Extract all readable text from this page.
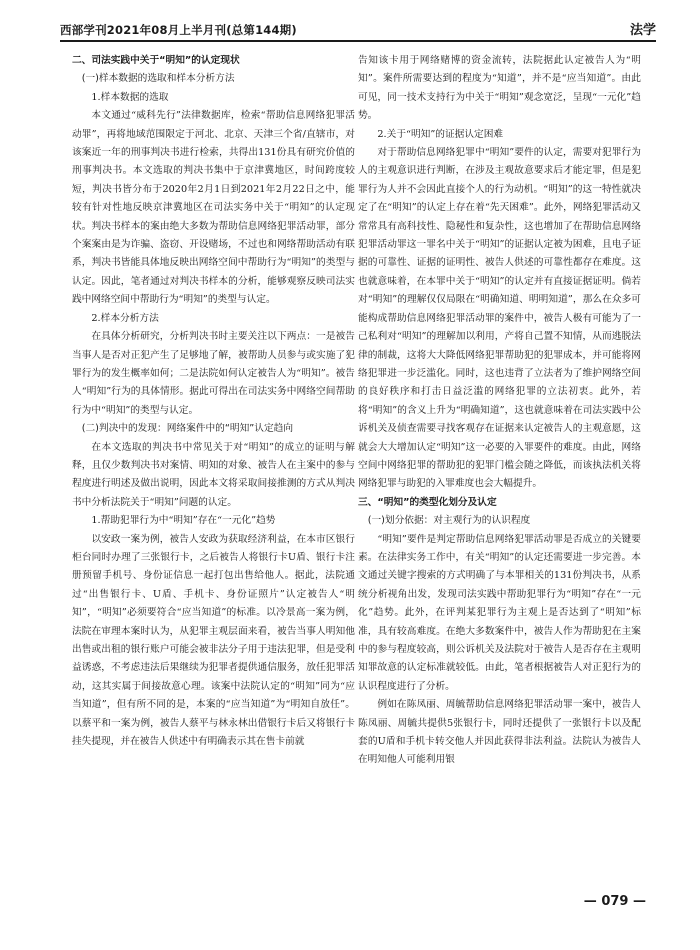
西部学刊2021年08月上半月刊(总第144期)	法学

二、司法实践中关于“明知”的认定现状

(一)样本数据的选取和样本分析方法

1.样本数据的选取

本文通过“威科先行”法律数据库，检索“帮助信息网络犯罪活动罪”，再将地域范围限定于河北、北京、天津三个省/直辖市，对该案近一年的刑事判决书进行检索，共得出131份具有研究价值的刑事判决书。本文选取的判决书集中于京津冀地区，时间跨度较短，判决书皆分布于2020年2月1日到2021年2月22日之中，能较有针对性地反映京津冀地区在司法实务中关于“明知”的认定现状。判决书样本的案由绝大多数为帮助信息网络犯罪活动罪，部分个案案由是为诈骗、盗窃、开设赌场，不过也和网络帮助活动有联系，判决书皆能具体地反映出网络空间中帮助行为“明知”的类型与认定。因此，笔者通过对判决书样本的分析，能够观察反映司法实践中网络空间中帮助行为“明知”的类型与认定。

2.样本分析方法

在具体分析研究，分析判决书时主要关注以下两点：一是被告当事人是否对正犯产生了足够地了解，被帮助人员参与或实施了犯罪行为的发生概率如何；二是法院如何认定被告人为“明知”。被告人“明知”行为的具体情形。据此可得出在司法实务中网络空间帮助行为中“明知”的类型与认定。

(二)判决中的发现：网络案件中的“明知”认定趋向

在本文选取的判决书中常见关于对“明知”的成立的证明与解释，且仅少数判决书对案情、明知的对象、被告人在主案中的参与程度进行明述及做出说明，因此本文将采取间接推测的方式从判决书中分析法院关于“明知”问题的认定。

1.帮助犯罪行为中“明知”存在“一元化”趋势

以安政一案为例，被告人安政为获取经济利益，在本市区银行柜台同时办理了三张银行卡，之后被告人将银行卡U盾、银行卡注册预留手机号、身份证信息一起打包出售给他人。据此，法院通过“出售银行卡、U盾、手机卡、身份证照片”认定被告人“明知”，“明知”必须要符合“应当知道”的标准。以冷景高一案为例，法院在审理本案时认为，从犯罪主观层面来看，被告当事人明知他出售或出租的银行账户可能会被非法分子用于违法犯罪，但是受利益诱惑，不考虑违法后果继续为犯罪者提供通信服务，放任犯罪活动，这其实属于间接故意心理。该案中法院认定的“明知”同为“应当知道”，但有所不同的是，本案的“应当知道”为“明知自放任”。以蔡平和一案为例，被告人蔡平与林永林出借银行卡后又将银行卡挂失提现，并在被告人供述中有明确表示其在售卡前就

告知该卡用于网络赌博的资金流转，法院据此认定被告人为“明知”。案件所需要达到的程度为“知道”，并不是“应当知道”。由此可见，同一技术支持行为中关于“明知”观念宽泛，呈现“一元化”趋势。

2.关于“明知”的证据认定困难

对于帮助信息网络犯罪中“明知”要件的认定，需要对犯罪行为人的主观意识进行判断，在涉及主观故意要求后才能定罪，但是犯罪行为人并不会因此直接个人的行为动机。“明知”的这一特性就决定了在“明知”的认定上存在着“先天困难”。此外，网络犯罪活动又常常具有高科技性、隐秘性和复杂性，这也增加了在帮助信息网络犯罪活动罪这一罪名中关于“明知”的证据认定被为困难，且电子证据的可靠性、证据的证明性、被告人供述的可靠性都存在难度。这也就意味着，在本罪中关于“明知”的认定并有直接证据证明。倘若对“明知”的理解仅仅局限在“明确知道、明明知道”，那么在众多可能构成帮助信息网络犯罪活动罪的案件中，被告人极有可能为了一己私利对“明知”的理解加以利用，产将自己置不知情，从而逃脱法律的制裁，这将大大降低网络犯罪帮助犯的犯罪成本，并可能将网络犯罪进一步泛滥化。同时，这也违背了立法者为了维护网络空间的良好秩序和打击日益泛滥的网络犯罪的立法初衷。此外，若将“明知”的含义上升为“明确知道”，这也就意味着在司法实践中公诉机关及侦查需要寻找客观存在证据来认定被告人的主观意愿，这就会大大增加认定“明知”这一必要的入罪要件的难度。由此，网络空间中网络犯罪的帮助犯的犯罪门槛会随之降低，而该执法机关将网络犯罪与助犯的入罪难度也会大幅提升。

三、“明知”的类型化划分及认定

(一)划分依据：对主观行为的认识程度

“明知”要件是判定帮助信息网络犯罪活动罪是否成立的关键要素。在法律实务工作中，有关“明知”的认定还需要进一步完善。本文通过关键字搜索的方式明确了与本罪相关的131份判决书，从系统分析视角出发，发现司法实践中帮助犯罪行为“明知”存在“一元化”趋势。此外，在评判某犯罪行为主观上是否达到了“明知”标准，具有较高难度。在绝大多数案件中，被告人作为帮助犯在主案中的参与程度较高，则公诉机关及法院对于被告人是否存在主观明知罪故意的认定标准就较低。由此，笔者根据被告人对正犯行为的认识程度进行了分析。

例如在陈凤丽、周毓帮助信息网络犯罪活动罪一案中，被告人陈凤丽、周毓共提供5张银行卡，同时还提供了一张银行卡以及配套的U盾和手机卡转交他人并因此获得非法利益。法院认为被告人在明知他人可能利用银

— 079 —
